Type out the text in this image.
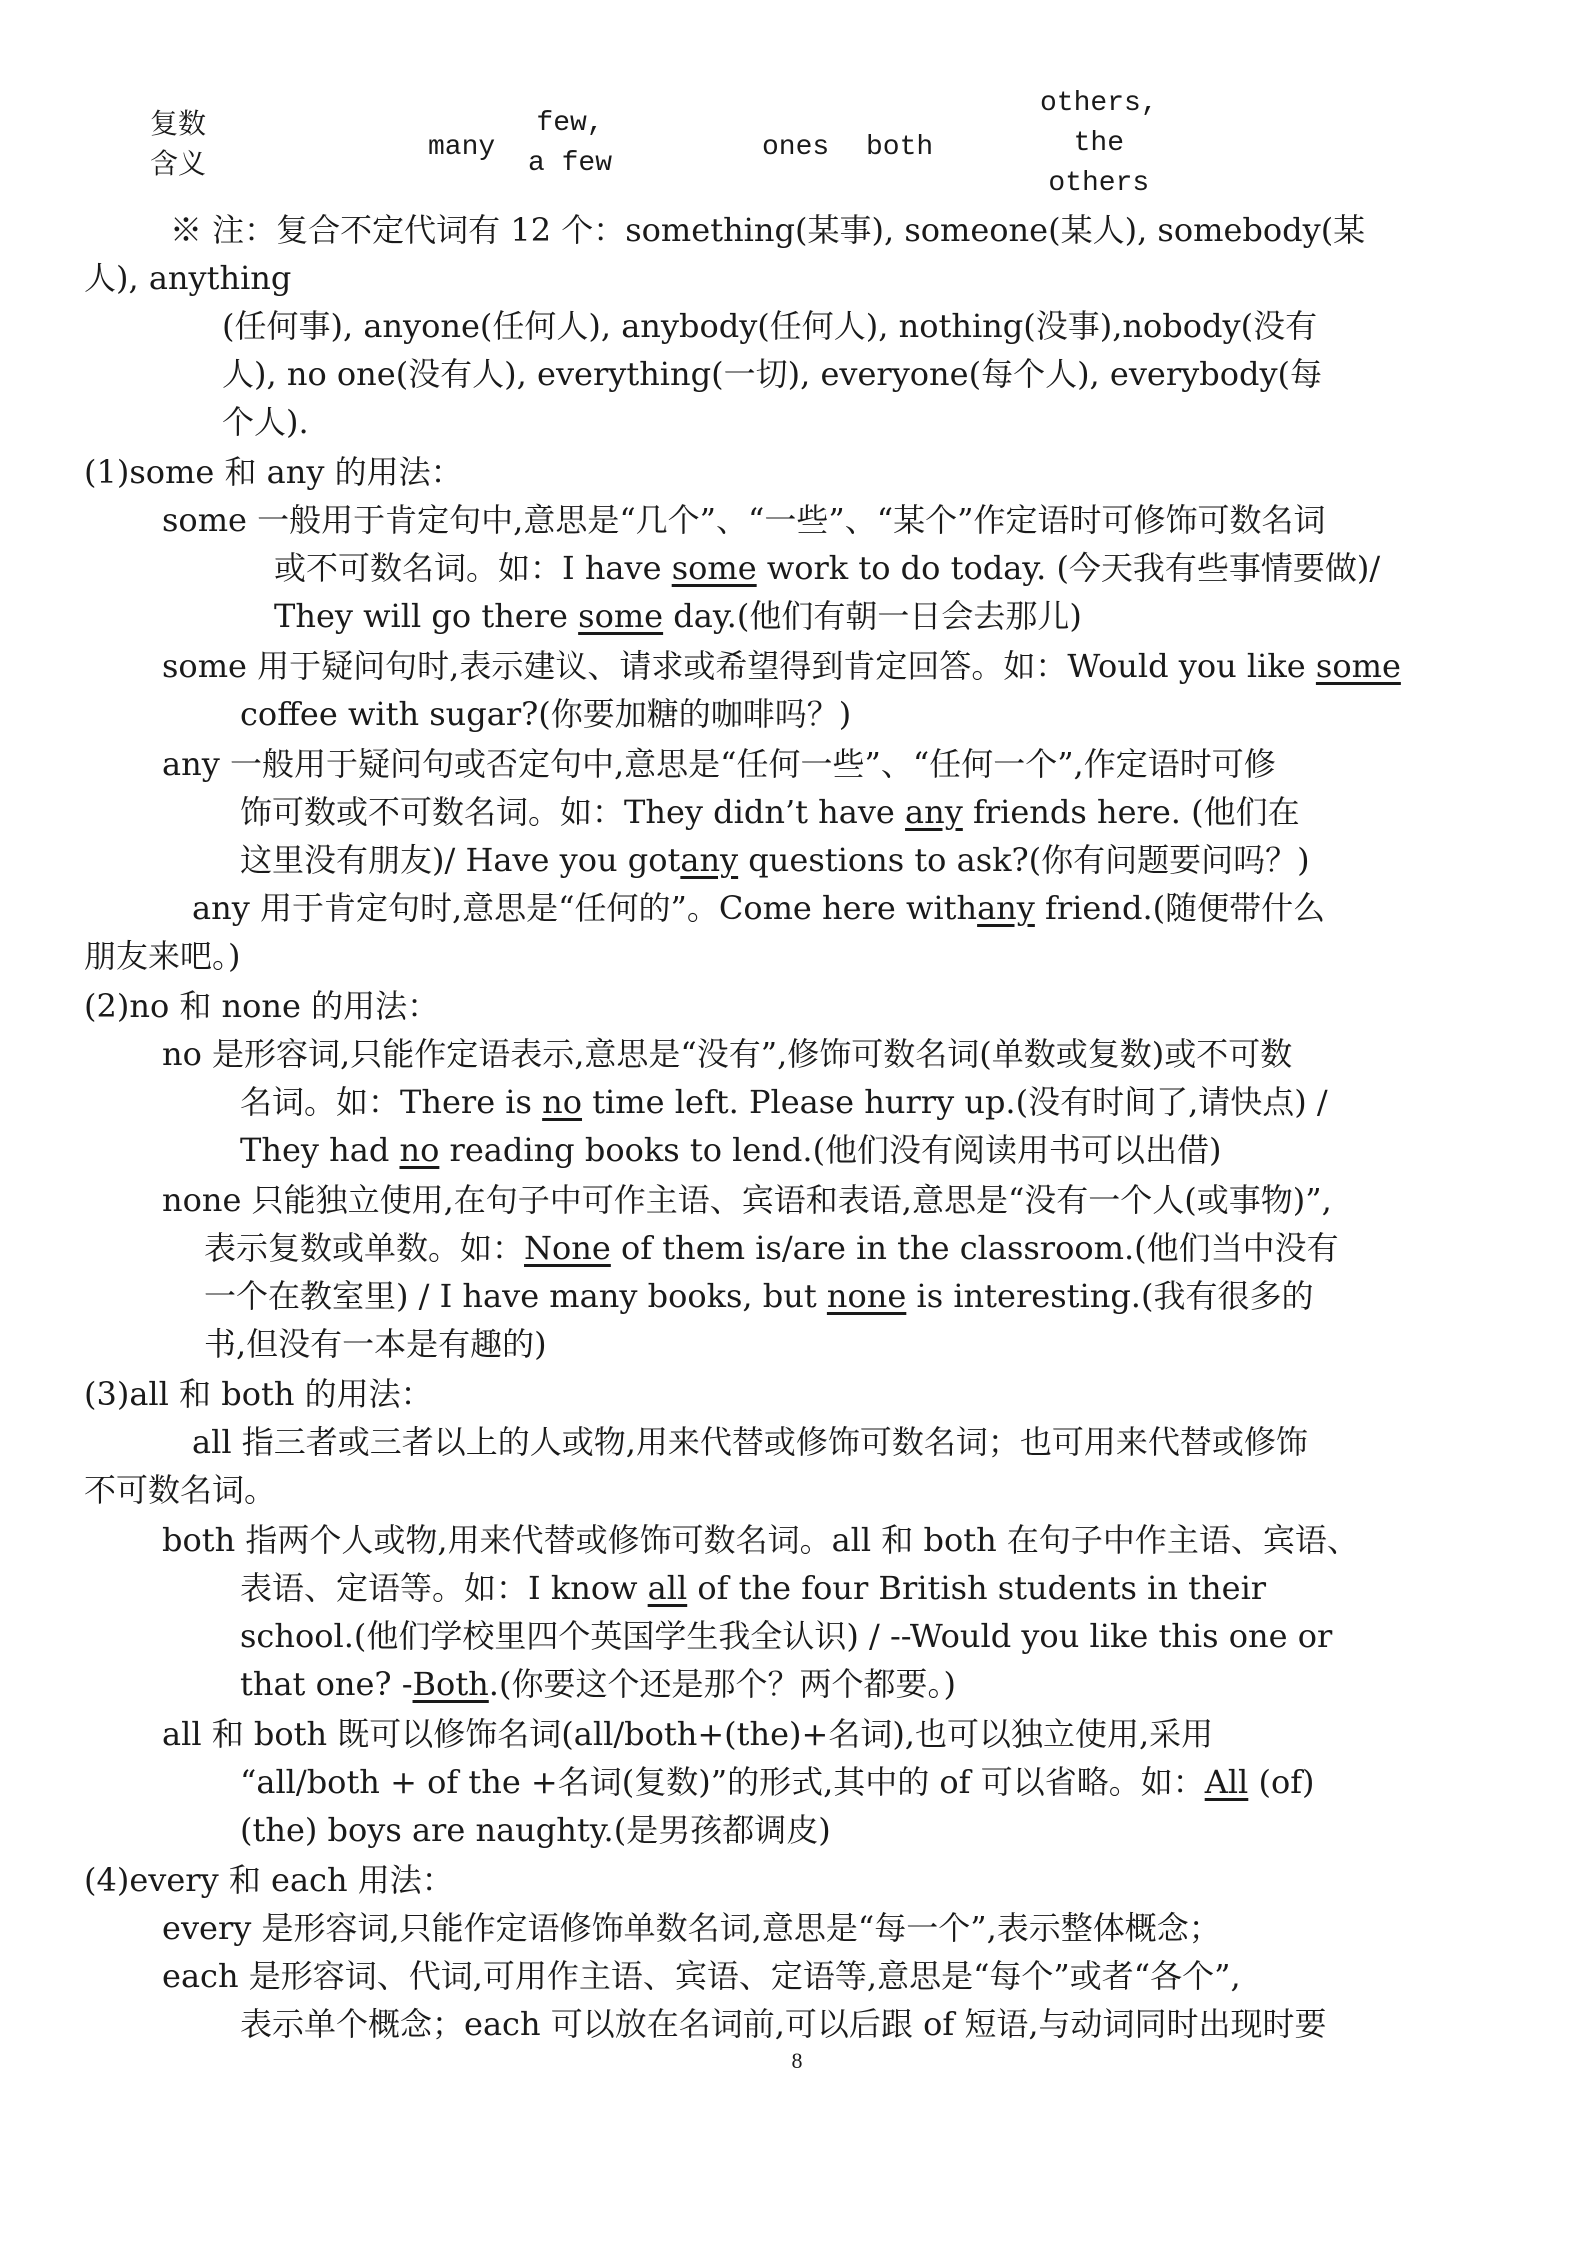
复数
含义	many
few,
a few
ones both
others,
the
others
※ 注：复合不定代词有 12 个：something(某事), someone(某人), somebody(某
人), anything
(任何事), anyone(任何人), anybody(任何人), nothing(没事),nobody(没有
人), no one(没有人), everything(一切), everyone(每个人), everybody(每
个人).
(1)some 和 any 的用法：
some 一般用于肯定句中,意思是“几个”、“一些”、“某个”作定语时可修饰可数名词
或不可数名词。如：I have some work to do today. (今天我有些事情要做)/
They will go there some day.(他们有朝一日会去那儿)
some 用于疑问句时,表示建议、请求或希望得到肯定回答。如：Would you like some
coffee with sugar?(你要加糖的咖啡吗？)
any 一般用于疑问句或否定句中,意思是“任何一些”、“任何一个”,作定语时可修
饰可数或不可数名词。如：They didn’t have any friends here. (他们在
这里没有朋友)/ Have you gotany questions to ask?(你有问题要问吗？)
any 用于肯定句时,意思是“任何的”。Come here withany friend.(随便带什么
朋友来吧。)
(2)no 和 none 的用法：
no 是形容词,只能作定语表示,意思是“没有”,修饰可数名词(单数或复数)或不可数
名词。如：There is no time left. Please hurry up.(没有时间了,请快点) /
They had no reading books to lend.(他们没有阅读用书可以出借)
none 只能独立使用,在句子中可作主语、宾语和表语,意思是“没有一个人(或事物)”,
表示复数或单数。如：None of them is/are in the classroom.(他们当中没有
一个在教室里) / I have many books, but none is interesting.(我有很多的
书,但没有一本是有趣的)
(3)all 和 both 的用法：
all 指三者或三者以上的人或物,用来代替或修饰可数名词；也可用来代替或修饰
不可数名词。
both 指两个人或物,用来代替或修饰可数名词。all 和 both 在句子中作主语、宾语、
表语、定语等。如：I know all of the four British students in their
school.(他们学校里四个英国学生我全认识) / --Would you like this one or
that one? -Both.(你要这个还是那个？两个都要。)
all 和 both 既可以修饰名词(all/both+(the)+名词),也可以独立使用,采用
“all/both + of the +名词(复数)”的形式,其中的 of 可以省略。如：All (of)
(the) boys are naughty.(是男孩都调皮)
(4)every 和 each 用法：
every 是形容词,只能作定语修饰单数名词,意思是“每一个”,表示整体概念；
each 是形容词、代词,可用作主语、宾语、定语等,意思是“每个”或者“各个”,
表示单个概念；each 可以放在名词前,可以后跟 of 短语,与动词同时出现时要
8
